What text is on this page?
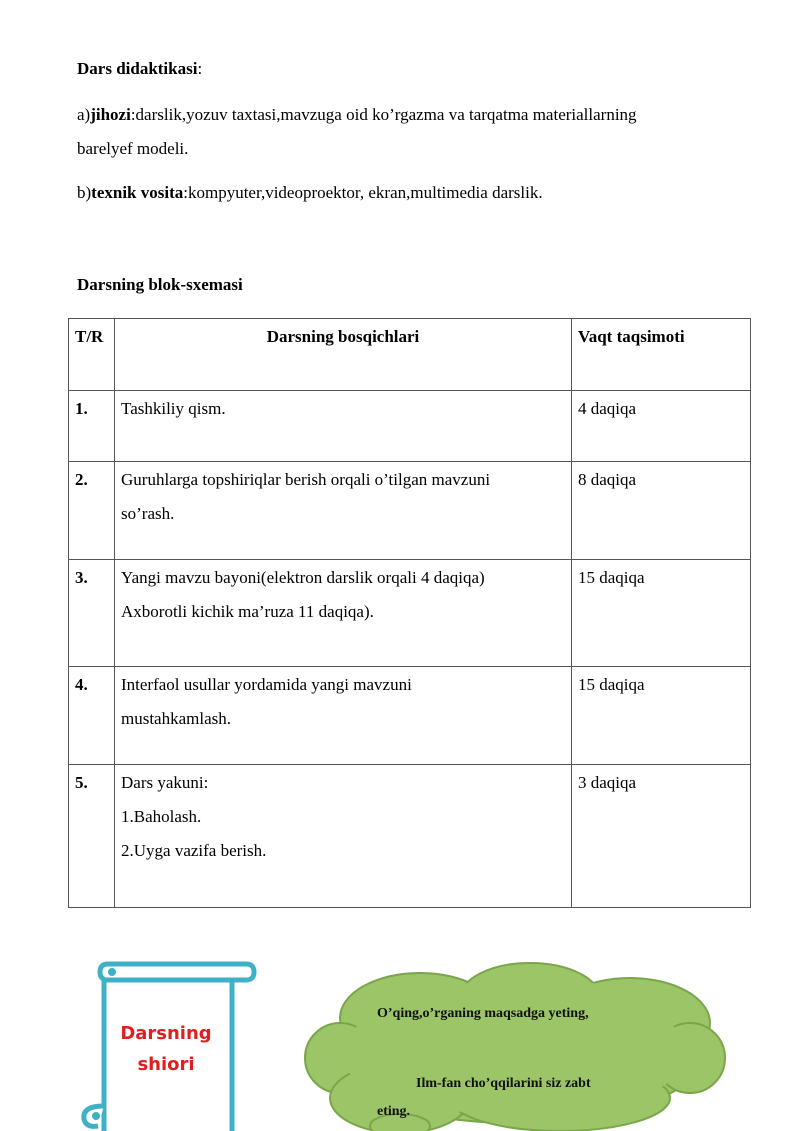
Dars didaktikasi:
a)jihozi:darslik,yozuv taxtasi,mavzuga oid ko’rgazma va tarqatma materiallarning
barelyef modeli.
b)texnik vosita:kompyuter,videoproektor, ekran,multimedia darslik.
Darsning blok-sxemasi
T/R	Darsning bosqichlari	Vaqt taqsimoti
1.	Tashkiliy qism.	4 daqiqa
2.	Guruhlarga topshiriqlar berish orqali o’tilgan mavzuni
so’rash.	8 daqiqa
3.	Yangi mavzu bayoni(elektron darslik orqali 4 daqiqa)
Axborotli kichik ma’ruza 11 daqiqa).	15 daqiqa
4.	Interfaol usullar yordamida yangi mavzuni
mustahkamlash.	15 daqiqa
5.	Dars yakuni:
1.Baholash.
2.Uyga vazifa berish.	3 daqiqa
Darsning
shiori
O’qing,o’rganing maqsadga yeting,
Ilm-fan cho’qqilarini siz zabt
eting.
